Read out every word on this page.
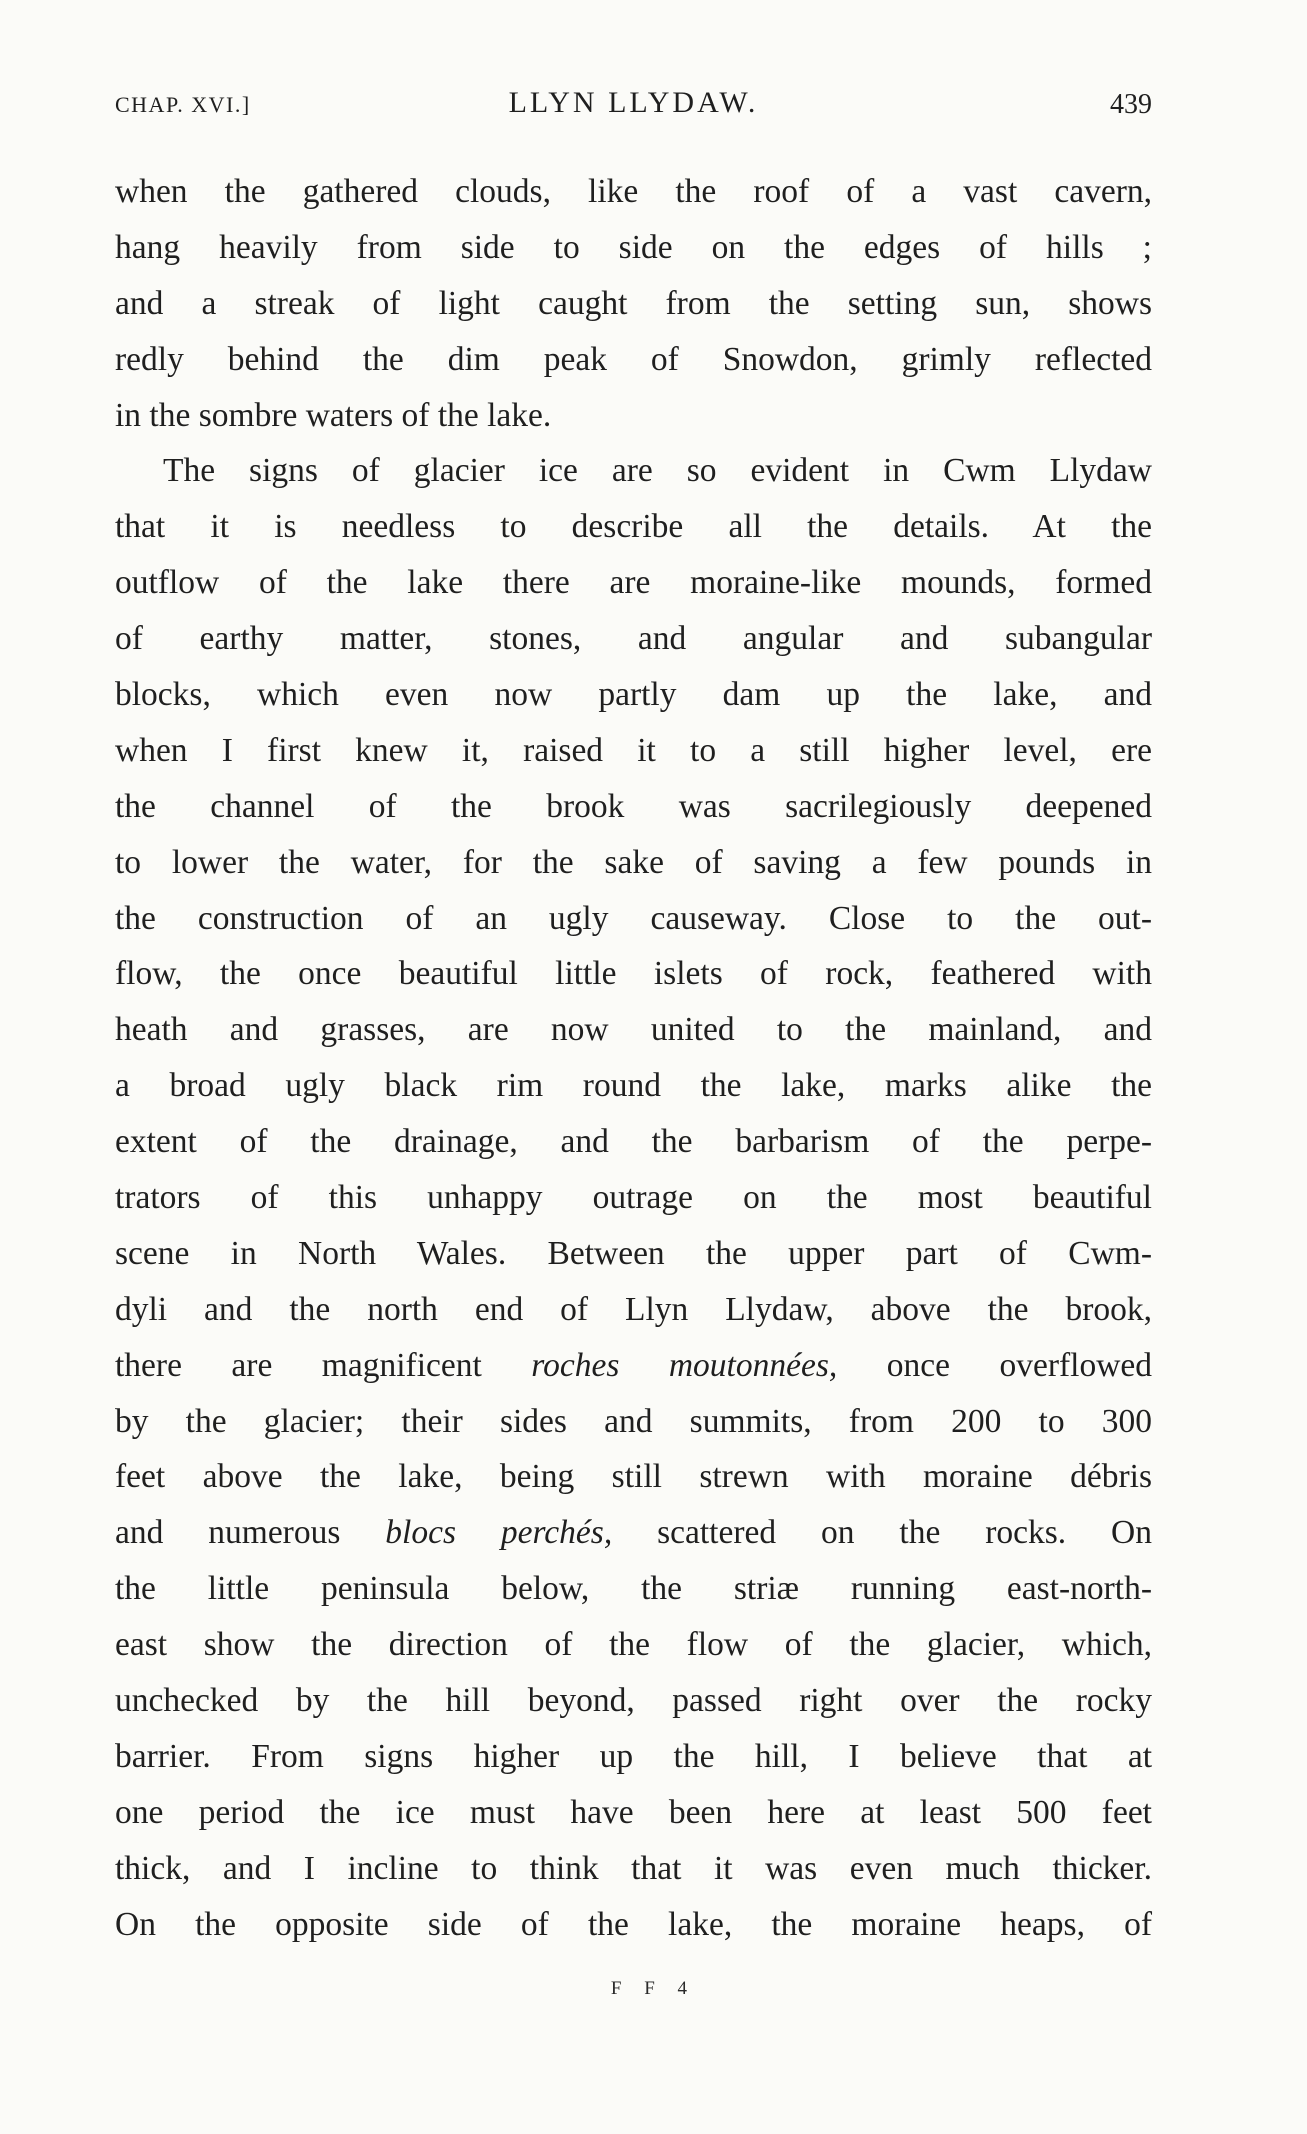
CHAP. XVI.]	LLYN LLYDAW.	439
when the gathered clouds, like the roof of a vast cavern,
hang heavily from side to side on the edges of hills ;
and a streak of light caught from the setting sun, shows
redly behind the dim peak of Snowdon, grimly reflected
in the sombre waters of the lake.
The signs of glacier ice are so evident in Cwm Llydaw
that it is needless to describe all the details. At the
outflow of the lake there are moraine-like mounds, formed
of earthy matter, stones, and angular and subangular
blocks, which even now partly dam up the lake, and
when I first knew it, raised it to a still higher level, ere
the channel of the brook was sacrilegiously deepened
to lower the water, for the sake of saving a few pounds in
the construction of an ugly causeway. Close to the out-
flow, the once beautiful little islets of rock, feathered with
heath and grasses, are now united to the mainland, and
a broad ugly black rim round the lake, marks alike the
extent of the drainage, and the barbarism of the perpe-
trators of this unhappy outrage on the most beautiful
scene in North Wales. Between the upper part of Cwm-
dyli and the north end of Llyn Llydaw, above the brook,
there are magnificent roches moutonnées, once overflowed
by the glacier; their sides and summits, from 200 to 300
feet above the lake, being still strewn with moraine débris
and numerous blocs perchés, scattered on the rocks. On
the little peninsula below, the striæ running east-north-
east show the direction of the flow of the glacier, which,
unchecked by the hill beyond, passed right over the rocky
barrier. From signs higher up the hill, I believe that at
one period the ice must have been here at least 500 feet
thick, and I incline to think that it was even much thicker.
On the opposite side of the lake, the moraine heaps, of
F F 4
